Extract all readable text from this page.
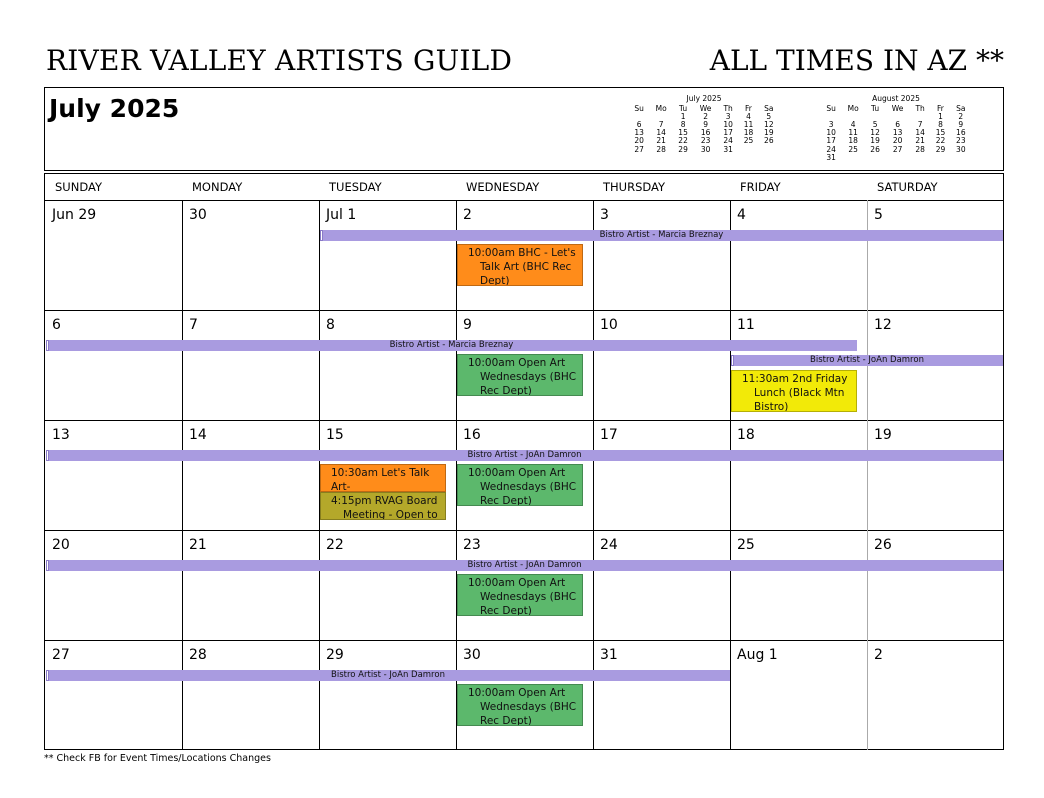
RIVER VALLEY ARTISTS GUILD	ALL TIMES IN AZ **
July 2025	July 2025
Su	Mo	Tu	We	Th	Fr	Sa
		1	2	3	4	5
6	7	8	9	10	11	12
13	14	15	16	17	18	19
20	21	22	23	24	25	26
27	28	29	30	31		
August 2025
Su	Mo	Tu	We	Th	Fr	Sa
					1	2
3	4	5	6	7	8	9
10	11	12	13	14	15	16
17	18	19	20	21	22	23
24	25	26	27	28	29	30
31						
SUNDAY	MONDAY	TUESDAY	WEDNESDAY	THURSDAY	FRIDAY	SATURDAY
Jun 29	30	Jul 1	2	3	4	5
Bistro Artist - Marcia Breznay
10:00am BHC - Let's
Talk Art (BHC Rec
Dept)
6	7	8	9	10	11	12
Bistro Artist - Marcia Breznay
Bistro Artist - JoAn Damron
10:00am Open Art
Wednesdays (BHC
Rec Dept)
11:30am 2nd Friday
Lunch (Black Mtn
Bistro)
13	14	15	16	17	18	19
Bistro Artist - JoAn Damron
10:30am Let's Talk Art-
4:15pm RVAG Board
Meeting - Open to
10:00am Open Art
Wednesdays (BHC
Rec Dept)
20	21	22	23	24	25	26
Bistro Artist - JoAn Damron
10:00am Open Art
Wednesdays (BHC
Rec Dept)
27	28	29	30	31	Aug 1	2
Bistro Artist - JoAn Damron
10:00am Open Art
Wednesdays (BHC
Rec Dept)
** Check FB for Event Times/Locations Changes
